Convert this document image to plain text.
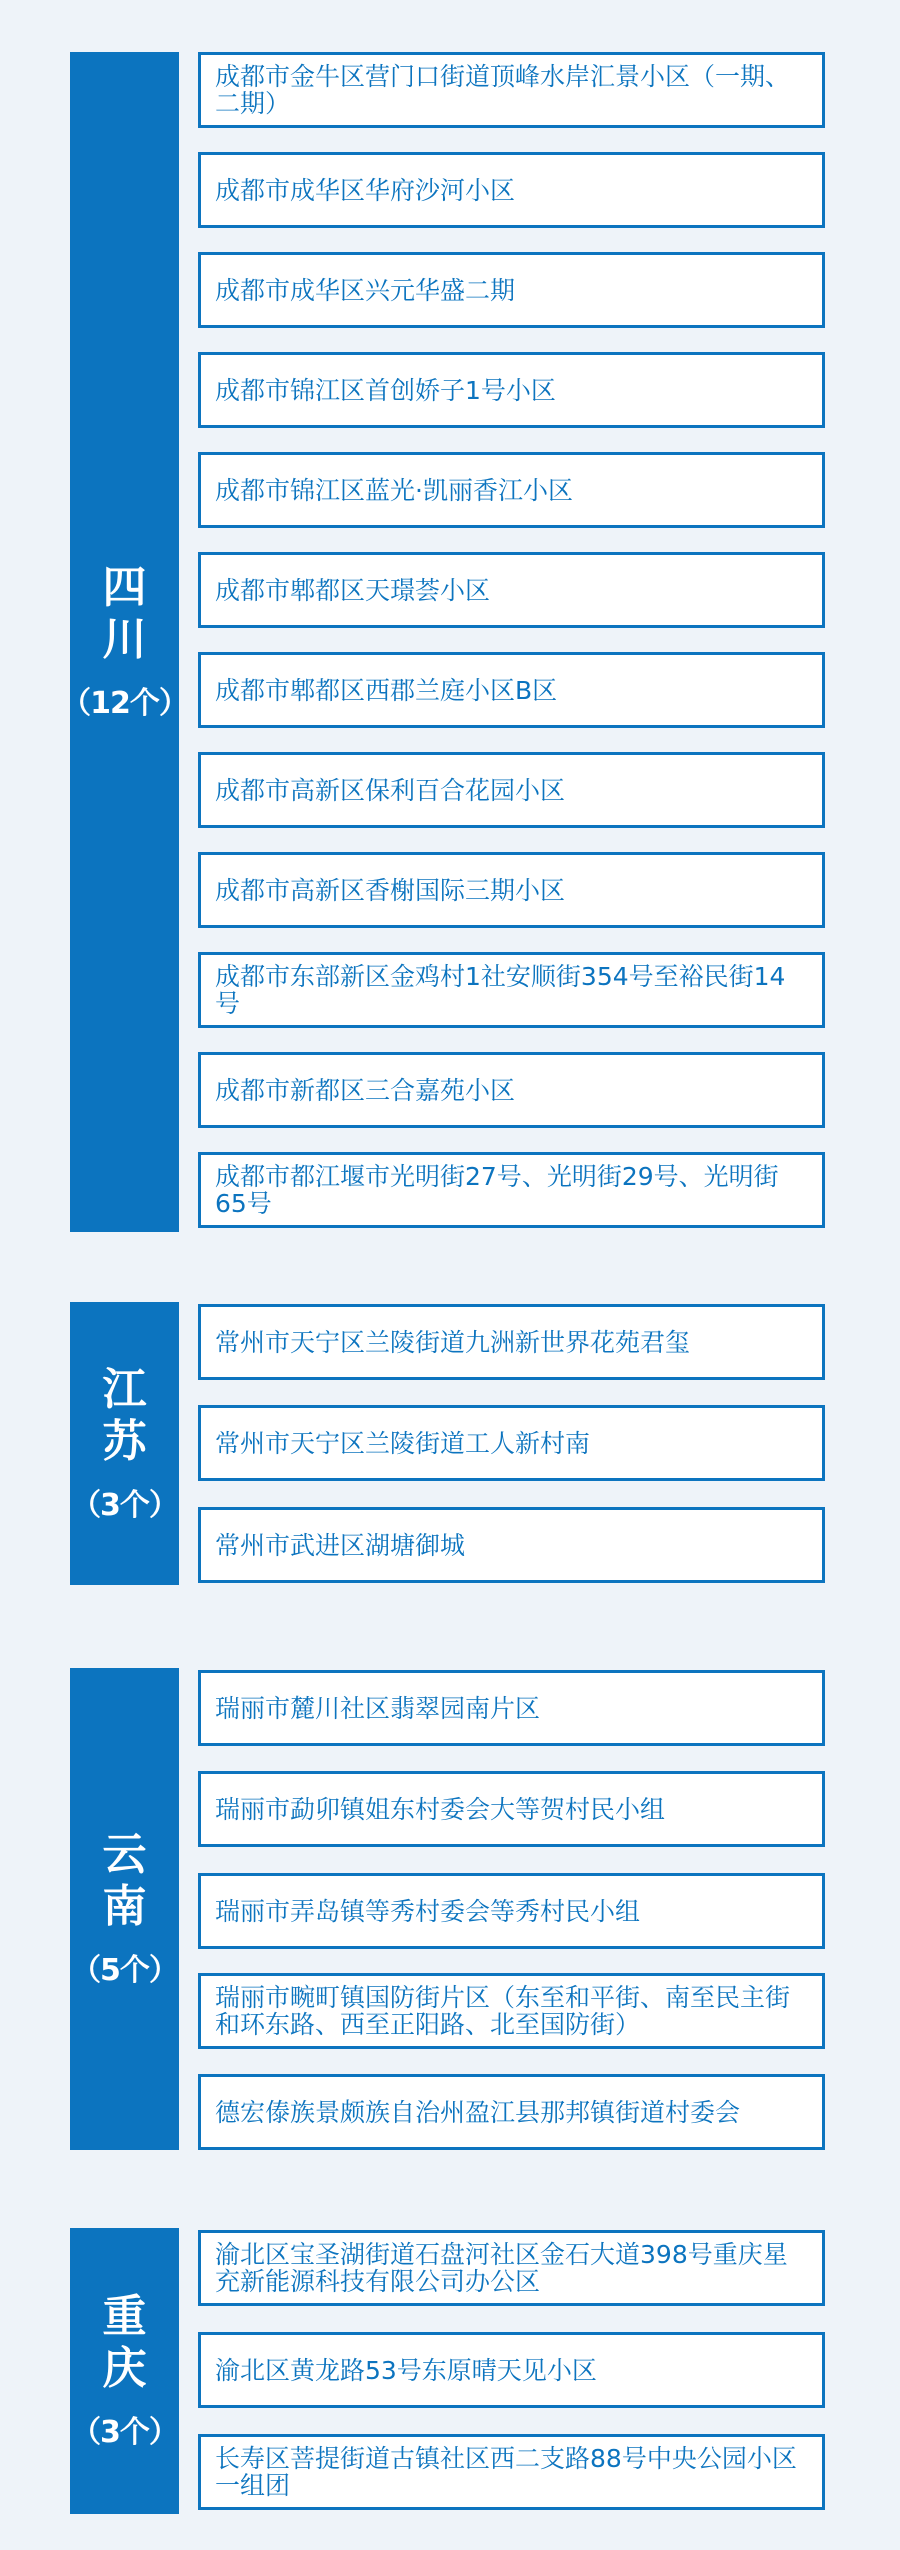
四
川
（12个）
成都市金牛区营门口街道顶峰水岸汇景小区（一期、二期）
成都市成华区华府沙河小区
成都市成华区兴元华盛二期
成都市锦江区首创娇子1号小区
成都市锦江区蓝光·凯丽香江小区
成都市郫都区天璟荟小区
成都市郫都区西郡兰庭小区B区
成都市高新区保利百合花园小区
成都市高新区香榭国际三期小区
成都市东部新区金鸡村1社安顺街354号至裕民街14号
成都市新都区三合嘉苑小区
成都市都江堰市光明街27号、光明街29号、光明街65号
江
苏
（3个）
常州市天宁区兰陵街道九洲新世界花苑君玺
常州市天宁区兰陵街道工人新村南
常州市武进区湖塘御城
云
南
（5个）
瑞丽市麓川社区翡翠园南片区
瑞丽市勐卯镇姐东村委会大等贺村民小组
瑞丽市弄岛镇等秀村委会等秀村民小组
瑞丽市畹町镇国防街片区（东至和平街、南至民主街和环东路、西至正阳路、北至国防街）
德宏傣族景颇族自治州盈江县那邦镇街道村委会
重
庆
（3个）
渝北区宝圣湖街道石盘河社区金石大道398号重庆星充新能源科技有限公司办公区
渝北区黄龙路53号东原晴天见小区
长寿区菩提街道古镇社区西二支路88号中央公园小区一组团
